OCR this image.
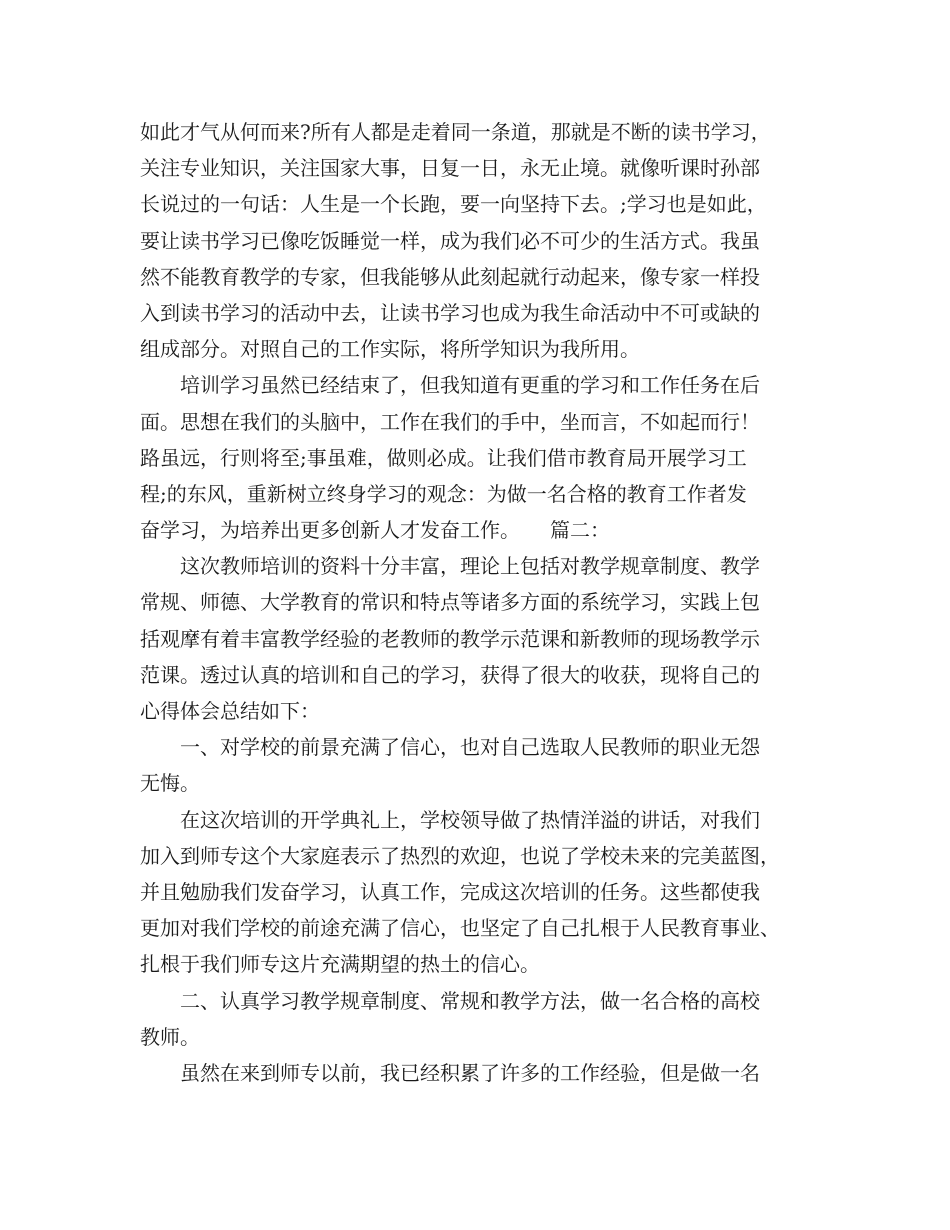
如此才气从何而来?所有人都是走着同一条道，那就是不断的读书学习，
关注专业知识，关注国家大事，日复一日，永无止境。就像听课时孙部
长说过的一句话：人生是一个长跑，要一向坚持下去。;学习也是如此，
要让读书学习已像吃饭睡觉一样，成为我们必不可少的生活方式。我虽
然不能教育教学的专家，但我能够从此刻起就行动起来，像专家一样投
入到读书学习的活动中去，让读书学习也成为我生命活动中不可或缺的
组成部分。对照自己的工作实际，将所学知识为我所用。
培训学习虽然已经结束了，但我知道有更重的学习和工作任务在后
面。思想在我们的头脑中，工作在我们的手中，坐而言，不如起而行！
路虽远，行则将至;事虽难，做则必成。让我们借市教育局开展学习工
程;的东风，重新树立终身学习的观念：为做一名合格的教育工作者发
奋学习，为培养出更多创新人才发奋工作。　　篇二：
这次教师培训的资料十分丰富，理论上包括对教学规章制度、教学
常规、师德、大学教育的常识和特点等诸多方面的系统学习，实践上包
括观摩有着丰富教学经验的老教师的教学示范课和新教师的现场教学示
范课。透过认真的培训和自己的学习，获得了很大的收获，现将自己的
心得体会总结如下：
一、对学校的前景充满了信心，也对自己选取人民教师的职业无怨
无悔。
在这次培训的开学典礼上，学校领导做了热情洋溢的讲话，对我们
加入到师专这个大家庭表示了热烈的欢迎，也说了学校未来的完美蓝图，
并且勉励我们发奋学习，认真工作，完成这次培训的任务。这些都使我
更加对我们学校的前途充满了信心，也坚定了自己扎根于人民教育事业、
扎根于我们师专这片充满期望的热土的信心。
二、认真学习教学规章制度、常规和教学方法，做一名合格的高校
教师。
虽然在来到师专以前，我已经积累了许多的工作经验，但是做一名
